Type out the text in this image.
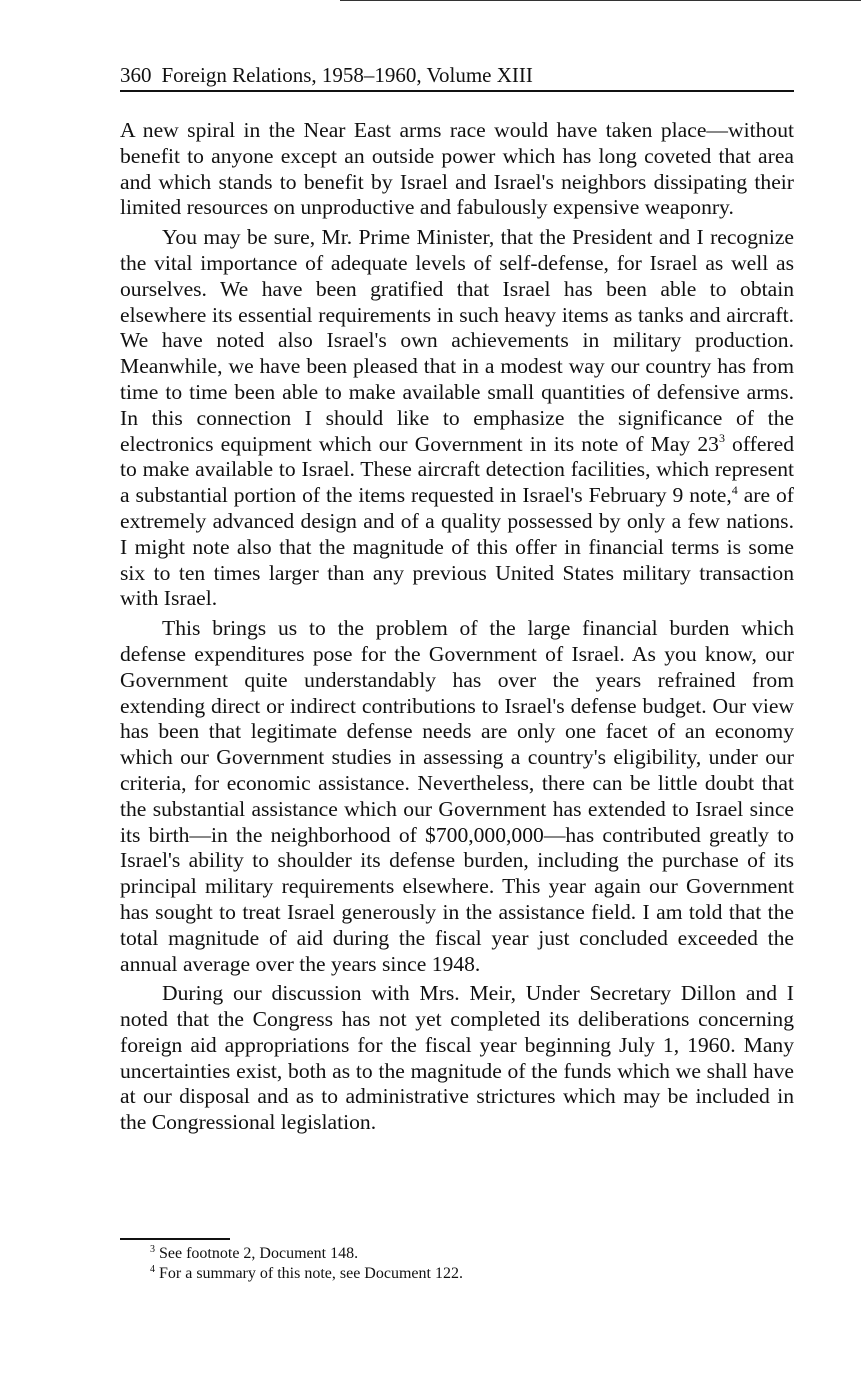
360 Foreign Relations, 1958–1960, Volume XIII

A new spiral in the Near East arms race would have taken place—without benefit to anyone except an outside power which has long coveted that area and which stands to benefit by Israel and Israel's neighbors dissipating their limited resources on unproductive and fabulously expensive weaponry.

You may be sure, Mr. Prime Minister, that the President and I recognize the vital importance of adequate levels of self-defense, for Israel as well as ourselves. We have been gratified that Israel has been able to obtain elsewhere its essential requirements in such heavy items as tanks and aircraft. We have noted also Israel's own achievements in military production. Meanwhile, we have been pleased that in a modest way our country has from time to time been able to make available small quantities of defensive arms. In this connection I should like to emphasize the significance of the electronics equipment which our Government in its note of May $23^3$ offered to make available to Israel. These aircraft detection facilities, which represent a substantial portion of the items requested in Israel's February 9 note,$^4$ are of extremely advanced design and of a quality possessed by only a few nations. I might note also that the magnitude of this offer in financial terms is some six to ten times larger than any previous United States military transaction with Israel.

This brings us to the problem of the large financial burden which defense expenditures pose for the Government of Israel. As you know, our Government quite understandably has over the years refrained from extending direct or indirect contributions to Israel's defense budget. Our view has been that legitimate defense needs are only one facet of an economy which our Government studies in assessing a country's eligibility, under our criteria, for economic assistance. Nevertheless, there can be little doubt that the substantial assistance which our Government has extended to Israel since its birth—in the neighborhood of $700,000,000—has contributed greatly to Israel's ability to shoulder its defense burden, including the purchase of its principal military requirements elsewhere. This year again our Government has sought to treat Israel generously in the assistance field. I am told that the total magnitude of aid during the fiscal year just concluded exceeded the annual average over the years since 1948.

During our discussion with Mrs. Meir, Under Secretary Dillon and I noted that the Congress has not yet completed its deliberations concerning foreign aid appropriations for the fiscal year beginning July 1, 1960. Many uncertainties exist, both as to the magnitude of the funds which we shall have at our disposal and as to administrative strictures which may be included in the Congressional legislation.

$^3$ See footnote 2, Document 148.
$^4$ For a summary of this note, see Document 122.
